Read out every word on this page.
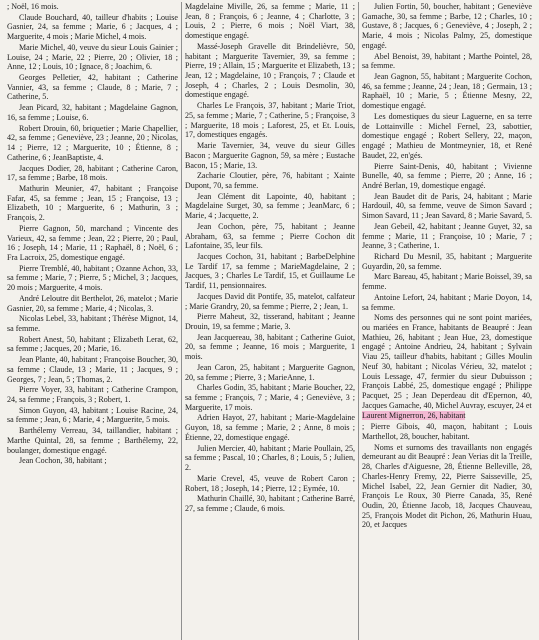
; Noël, 16 mois.

Claude Bouchard, 40, tailleur d'habits ; Louise Gasnier, 24, sa femme ; Marie, 6 ; Jacques, 4 ; Marguerite, 4 mois ; Marie Michel, 4 mois.

Marie Michel, 40, veuve du sieur Louis Gainier ; Louise, 24 ; Marie, 22 ; Pierre, 20 ; Olivier, 18 ; Anne, 12 ; Louis, 10 ; Ignace, 8 ; Joachim, 6.

Georges Pelletier, 42, habitant ; Catherine Vannier, 43, sa femme ; Claude, 8 ; Marie, 7 ; Catherine, 5.

Jean Picard, 32, habitant ; Magdelaine Gagnon, 16, sa femme ; Louise, 6.

Robert Drouin, 60, briquetier ; Marie Chapellier, 42, sa femme ; Geneviève, 23 ; Jeanne, 20 ; Nicolas, 14 ; Pierre, 12 ; Marguerite, 10 ; Étienne, 8 ; Catherine, 6 ; JeanBaptiste, 4.

Jacques Dodier, 28, habitant ; Catherine Caron, 17, sa femme ; Barbe, 18 mois.

Mathurin Meunier, 47, habitant ; Françoise Fafar, 45, sa femme ; Jean, 15 ; Françoise, 13 ; Elizabeth, 10 ; Marguerite, 6 ; Mathurin, 3 ; François, 2.

Pierre Gagnon, 50, marchand ; Vincente des Varieux, 42, sa femme ; Jean, 22 ; Pierre, 20 ; Paul, 16 ; Joseph, 14 ; Marie, 11 ; Raphaël, 8 ; Noël, 6 ; Fra Lacroix, 25, domestique engagé.

Pierre Tremblé, 40, habitant ; Ozanne Achon, 33, sa femme ; Marie, 7 ; Pierre, 5 ; Michel, 3 ; Jacques, 20 mois ; Marguerite, 4 mois.

André Leloutre dit Berthelot, 26, matelot ; Marie Gasnier, 20, sa femme ; Marie, 4 ; Nicolas, 3.

Nicolas Lebel, 33, habitant ; Thérèse Mignot, 14, sa femme.

Robert Anest, 50, habitant ; Elizabeth Lerat, 62, sa femme ; Jacques, 20 ; Marie, 16.

Jean Plante, 40, habitant ; Françoise Boucher, 30, sa femme ; Claude, 13 ; Marie, 11 ; Jacques, 9 ; Georges, 7 ; Jean, 5 ; Thomas, 2.

Pierre Voyer, 33, habitant ; Catherine Crampon, 24, sa femme ; François, 3 ; Robert, 1.

Simon Guyon, 43, habitant ; Louise Racine, 24, sa femme ; Jean, 6 ; Marie, 4 ; Marguerite, 5 mois.

Barthélemy Verreau, 34, taillandier, habitant ; Marthe Quintal, 28, sa femme ; Barthélemy, 22, boulanger, domestique engagé.

Jean Cochon, 38, habitant ;

Magdelaine Miville, 26, sa femme ; Marie, 11 ; Jean, 8 ; François, 6 ; Jeanne, 4 ; Charlotte, 3 ; Louis, 2 ; Pierre, 6 mois ; Noël Viart, 38, domestique engagé.

Massé-Joseph Gravelle dit Brindelièvre, 50, habitant ; Marguerite Tavernier, 39, sa femme ; Pierre, 19 ; Allain, 15 ; Marguerite et Elizabeth, 13 ; Jean, 12 ; Magdelaine, 10 ; François, 7 ; Claude et Joseph, 4 ; Charles, 2 ; Louis Desmolin, 30, domestique engagé.

Charles Le François, 37, habitant ; Marie Triot, 25, sa femme ; Marie, 7 ; Catherine, 5 ; Françoise, 3 ; Marguerite, 18 mois ; Laforest, 25, et Et. Louis, 17, domestiques engagés.

Marie Tavernier, 34, veuve du sieur Gilles Bacon ; Marguerite Gagnon, 59, sa mère ; Eustache Bacon, 15 ; Marie, 13.

Zacharie Cloutier, père, 76, habitant ; Xainte Dupont, 70, sa femme.

Jean Clément dit Lapointe, 40, habitant ; Magdelaine Surget, 30, sa femme ; JeanMarc, 6 ; Marie, 4 ; Jacquette, 2.

Jean Cochon, père, 75, habitant ; Jeanne Abraham, 63, sa femme ; Pierre Cochon dit Lafontaine, 35, leur fils.

Jacques Cochon, 31, habitant ; BarbeDelphine Le Tardif 17, sa femme ; MarieMagdelaine, 2 ; Jacques, 3 ; Charles Le Tardif, 15, et Guillaume Le Tardif, 11, pensionnaires.

Jacques David dit Pontife, 35, matelot, calfateur ; Marie Grandry, 20, sa femme ; Pierre, 2 ; Jean, 1.

Pierre Maheut, 32, tisserand, habitant ; Jeanne Drouin, 19, sa femme ; Marie, 3.

Jean Jacquereau, 38, habitant ; Catherine Guiot, 20, sa femme ; Jeanne, 16 mois ; Marguerite, 1 mois.

Jean Caron, 25, habitant ; Marguerite Gagnon, 20, sa femme ; Pierre, 3 ; MarieAnne, 1.

Charles Godin, 35, habitant ; Marie Boucher, 22, sa femme ; François, 7 ; Marie, 4 ; Geneviève, 3 ; Marguerite, 17 mois.

Adrien Hayot, 27, habitant ; Marie-Magdelaine Guyon, 18, sa femme ; Marie, 2 ; Anne, 8 mois ; Étienne, 22, domestique engagé.

Julien Mercier, 40, habitant ; Marie Poullain, 25, sa femme ; Pascal, 10 ; Charles, 8 ; Louis, 5 ; Julien, 2.

Marie Crevel, 45, veuve de Robert Caron ; Robert, 18 ; Joseph, 14 ; Pierre, 12 ; Eymée, 10.

Mathurin Chaillé, 30, habitant ; Catherine Barré, 27, sa femme ; Claude, 6 mois.

Julien Fortin, 50, boucher, habitant ; Geneviève Gamache, 30, sa femme ; Barbe, 12 ; Charles, 10 ; Gustave, 8 ; Jacques, 6 ; Geneviève, 4 ; Joseph, 2 ; Marie, 4 mois ; Nicolas Palmy, 25, domestique engagé.

Abel Benoist, 39, habitant ; Marthe Pointel, 28, sa femme.

Jean Gagnon, 55, habitant ; Marguerite Cochon, 46, sa femme ; Jeanne, 24 ; Jean, 18 ; Germain, 13 ; Raphaël, 10 ; Marie, 5 ; Étienne Mesny, 22, domestique engagé.

Les domestiques du sieur Laguerne, en sa terre de Lottainville : Michel Fernel, 23, sabottier, domestique engagé ; Robert Sellery, 22, maçon, engagé ; Mathieu de Montmeynier, 18, et René Baudet, 22, en'gés.

Pierre Saint-Denis, 40, habitant ; Vivienne Bunelle, 40, sa femme ; Pierre, 20 ; Anne, 16 ; André Berlan, 19, domestique engagé.

Jean Baudet dit de Paris, 24, habitant ; Marie Hardouil, 40, sa femme, veuve de Simon Savard ; Simon Savard, 11 ; Jean Savard, 8 ; Marie Savard, 5.

Jean Gebeil, 42, habitant ; Jeanne Guyet, 32, sa femme ; Marie, 11 ; Françoise, 10 ; Marie, 7 ; Jeanne, 3 ; Catherine, 1.

Richard Du Mesnil, 35, habitant ; Marguerite Guyardin, 20, sa femme.

Marc Bareau, 45, habitant ; Marie Boissel, 39, sa femme.

Antoine Lefort, 24, habitant ; Marie Doyon, 14, sa femme.

Noms des personnes qui ne sont point mariées, ou mariées en France, habitants de Beaupré : Jean Mathieu, 26, habitant ; Jean Hue, 23, domestique engagé ; Antoine Andrieu, 24, habitant ; Sylvain Viau 25, tailleur d'habits, habitant ; Gilles Moulin Neuf 30, habitant ; Nicolas Vérieu, 32, matelot ; Louis Lessage, 47, fermier du sieur Dubuisson ; François Labbé, 25, domestique engagé ; Philippe Pacquet, 25 ; Jean Deperdeau dit d'Epernon, 40, Jacques Gamache, 40, Michel Auvray, escuyer, 24 et

Laurent Mignerron, 26, habitant

; Pierre Gibois, 40, maçon, habitant ; Louis Marthellot, 28, boucher, habitant.

Noms et surnoms des travaillants non engagés demeurant au dit Beaupré : Jean Verias dit la Treille, 28, Charles d'Aiguesne, 28, Étienne Belleville, 28, Charles-Henry Fremy, 22, Pierre Saisseville, 25, Michel Isabel, 22, Jean Gernier dit Nadier, 30, François Le Roux, 30 Pierre Canada, 35, René Oudin, 20, Étienne Jacob, 18, Jacques Chauveau, 25, François Modet dit Pichon, 26, Mathurin Huau, 20, et Jacques
